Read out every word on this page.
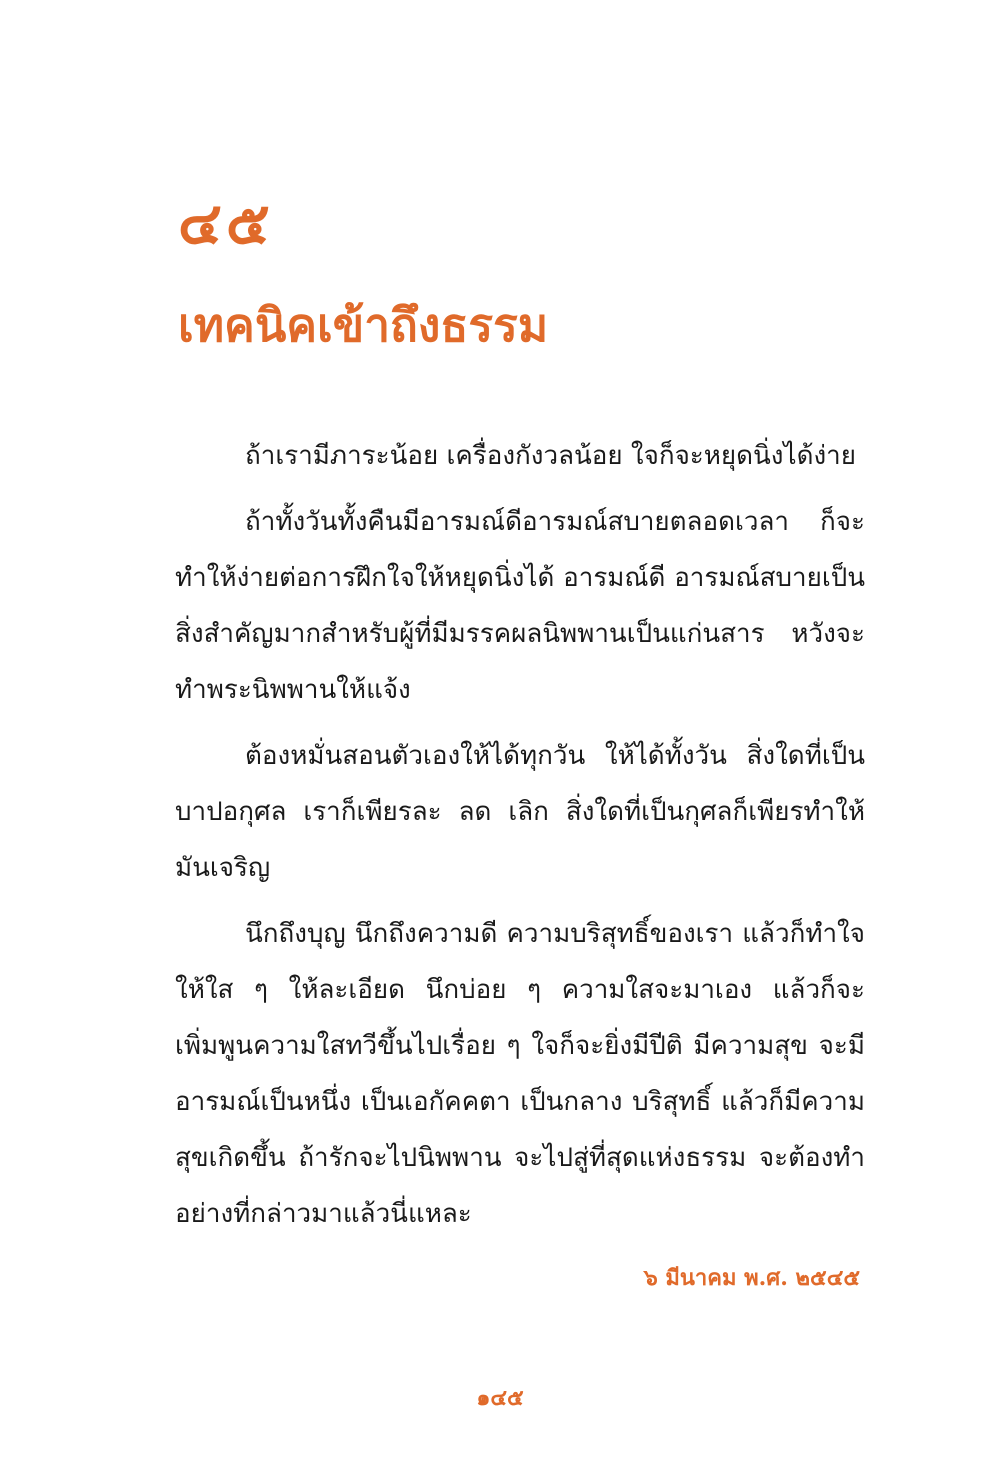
๔๕
เทคนิคเข้าถึงธรรม

ถ้าเรามีภาระน้อย เครื่องกังวลน้อย ใจก็จะหยุดนิ่งได้ง่าย

ถ้าทั้งวันทั้งคืนมีอารมณ์ดีอารมณ์สบายตลอดเวลา ก็จะทำให้ง่ายต่อการฝึกใจให้หยุดนิ่งได้ อารมณ์ดี อารมณ์สบายเป็นสิ่งสำคัญมากสำหรับผู้ที่มีมรรคผลนิพพานเป็นแก่นสาร หวังจะทำพระนิพพานให้แจ้ง

ต้องหมั่นสอนตัวเองให้ได้ทุกวัน ให้ได้ทั้งวัน สิ่งใดที่เป็นบาปอกุศล เราก็เพียรละ ลด เลิก สิ่งใดที่เป็นกุศลก็เพียรทำให้มันเจริญ

นึกถึงบุญ นึกถึงความดี ความบริสุทธิ์ของเรา แล้วก็ทำใจให้ใส ๆ ให้ละเอียด นึกบ่อย ๆ ความใสจะมาเอง แล้วก็จะเพิ่มพูนความใสทวีขึ้นไปเรื่อย ๆ ใจก็จะยิ่งมีปีติ มีความสุข จะมีอารมณ์เป็นหนึ่ง เป็นเอกัคคตา เป็นกลาง บริสุทธิ์ แล้วก็มีความสุขเกิดขึ้น ถ้ารักจะไปนิพพาน จะไปสู่ที่สุดแห่งธรรม จะต้องทำอย่างที่กล่าวมาแล้วนี่แหละ

๖ มีนาคม พ.ศ. ๒๕๔๕
๑๔๕
